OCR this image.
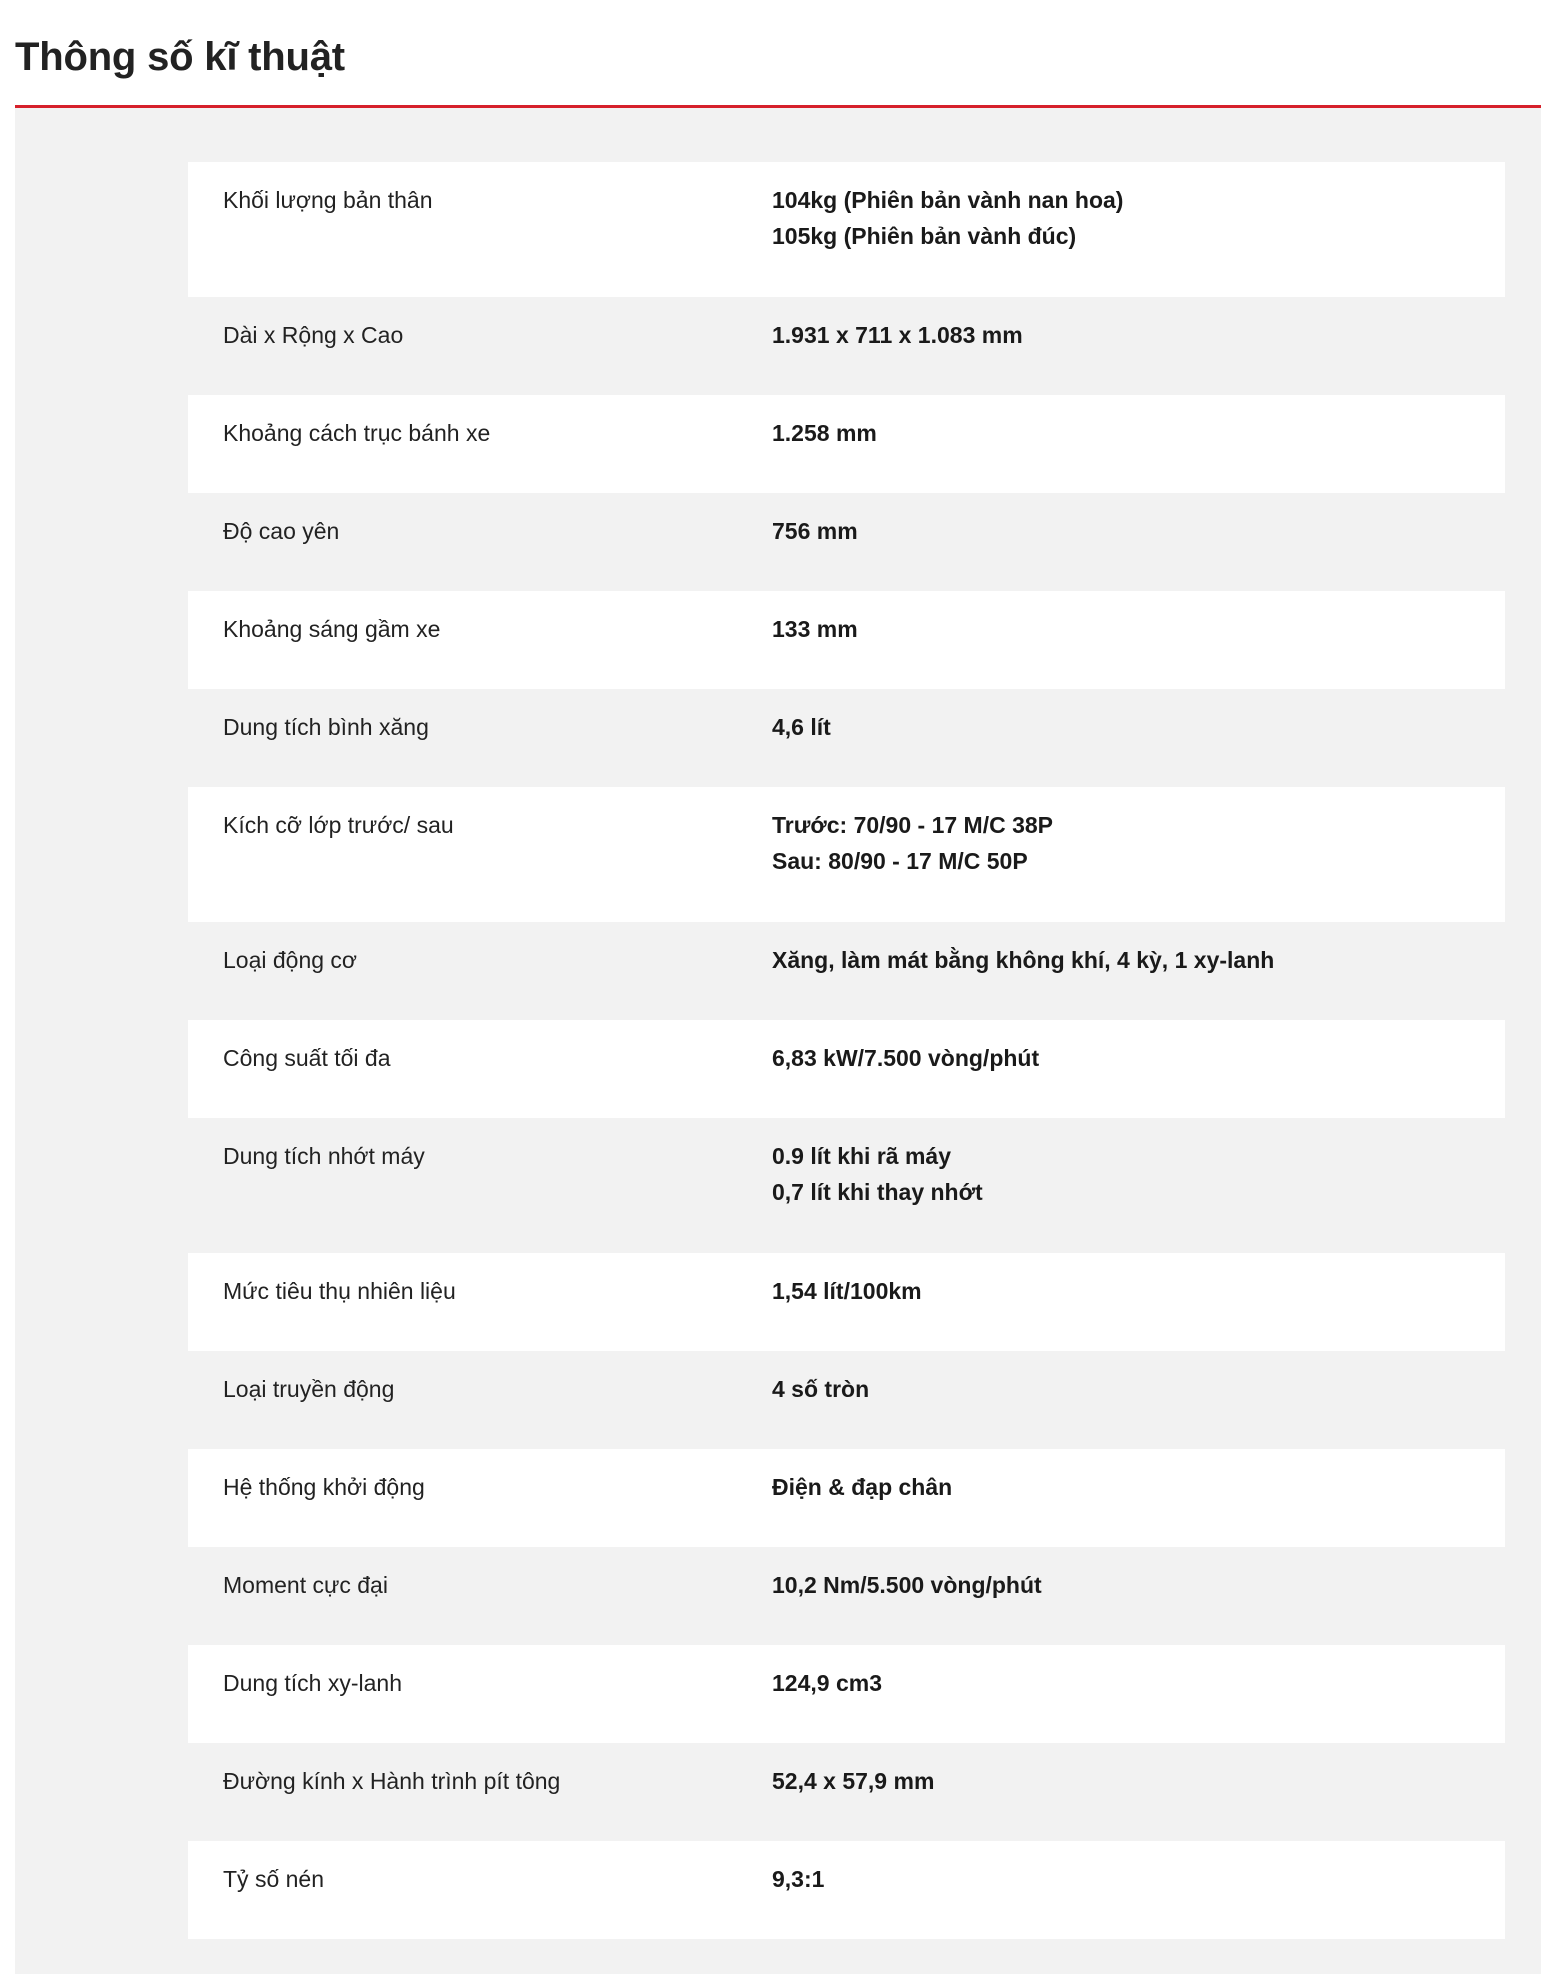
Thông số kĩ thuật
Khối lượng bản thân	104kg (Phiên bản vành nan hoa)
105kg (Phiên bản vành đúc)
Dài x Rộng x Cao	1.931 x 711 x 1.083 mm
Khoảng cách trục bánh xe	1.258 mm
Độ cao yên	756 mm
Khoảng sáng gầm xe	133 mm
Dung tích bình xăng	4,6 lít
Kích cỡ lớp trước/ sau	Trước: 70/90 - 17 M/C 38P
Sau: 80/90 - 17 M/C 50P
Loại động cơ	Xăng, làm mát bằng không khí, 4 kỳ, 1 xy-lanh
Công suất tối đa	6,83 kW/7.500 vòng/phút
Dung tích nhớt máy	0.9 lít khi rã máy
0,7 lít khi thay nhớt
Mức tiêu thụ nhiên liệu	1,54 lít/100km
Loại truyền động	4 số tròn
Hệ thống khởi động	Điện & đạp chân
Moment cực đại	10,2 Nm/5.500 vòng/phút
Dung tích xy-lanh	124,9 cm3
Đường kính x Hành trình pít tông	52,4 x 57,9 mm
Tỷ số nén	9,3:1
